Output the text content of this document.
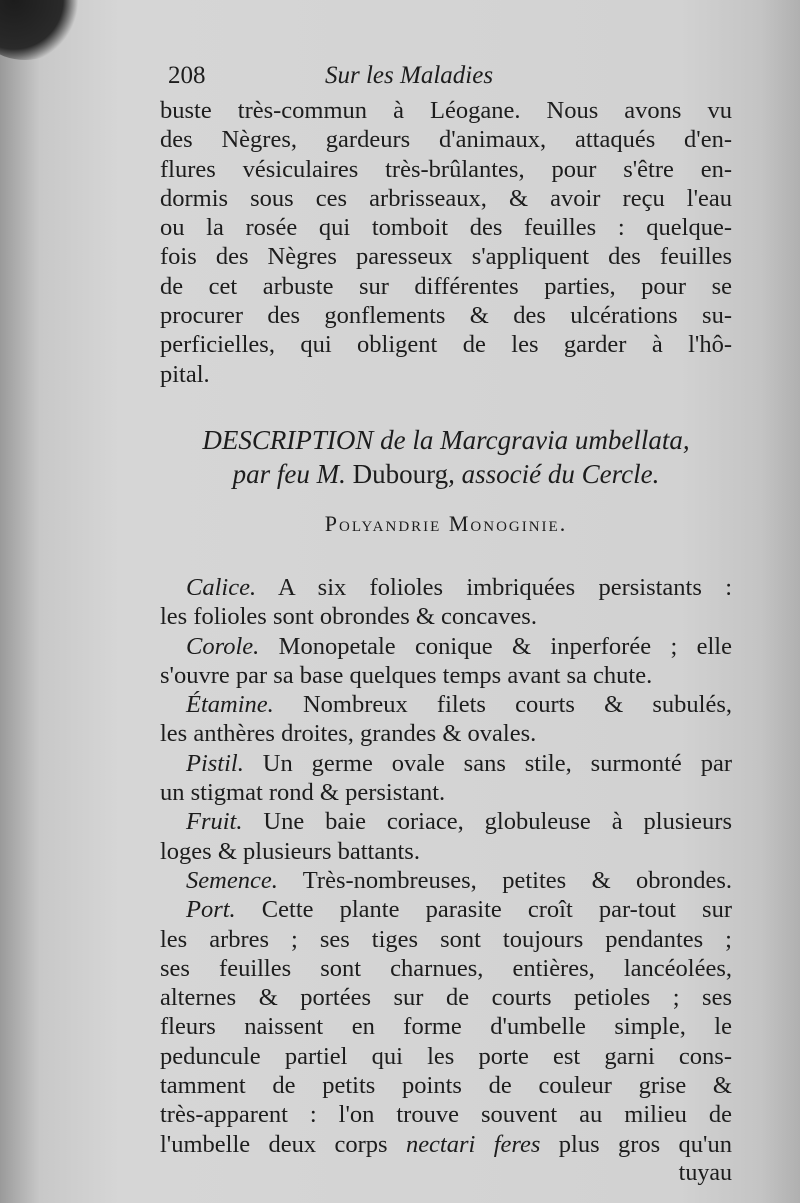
208	Sur les Maladies
buste très-commun à Léogane. Nous avons vu
des Nègres, gardeurs d'animaux, attaqués d'en-
flures vésiculaires très-brûlantes, pour s'être en-
dormis sous ces arbrisseaux, & avoir reçu l'eau
ou la rosée qui tomboit des feuilles : quelque-
fois des Nègres paresseux s'appliquent des feuilles
de cet arbuste sur différentes parties, pour se
procurer des gonflements & des ulcérations su-
perficielles, qui obligent de les garder à l'hô-
pital.
DESCRIPTION de la Marcgravia umbellata,
par feu M. Dubourg, associé du Cercle.
Polyandrie Monoginie.
Calice. A six folioles imbriquées persistants :
les folioles sont obrondes & concaves.
Corole. Monopetale conique & inperforée ; elle
s'ouvre par sa base quelques temps avant sa chute.
Étamine. Nombreux filets courts & subulés,
les anthères droites, grandes & ovales.
Pistil. Un germe ovale sans stile, surmonté par
un stigmat rond & persistant.
Fruit. Une baie coriace, globuleuse à plusieurs
loges & plusieurs battants.
Semence. Très-nombreuses, petites & obrondes.
Port. Cette plante parasite croît par-tout sur
les arbres ; ses tiges sont toujours pendantes ;
ses feuilles sont charnues, entières, lancéolées,
alternes & portées sur de courts petioles ; ses
fleurs naissent en forme d'umbelle simple, le
peduncule partiel qui les porte est garni cons-
tamment de petits points de couleur grise &
très-apparent : l'on trouve souvent au milieu de
l'umbelle deux corps nectari feres plus gros qu'un
tuyau
